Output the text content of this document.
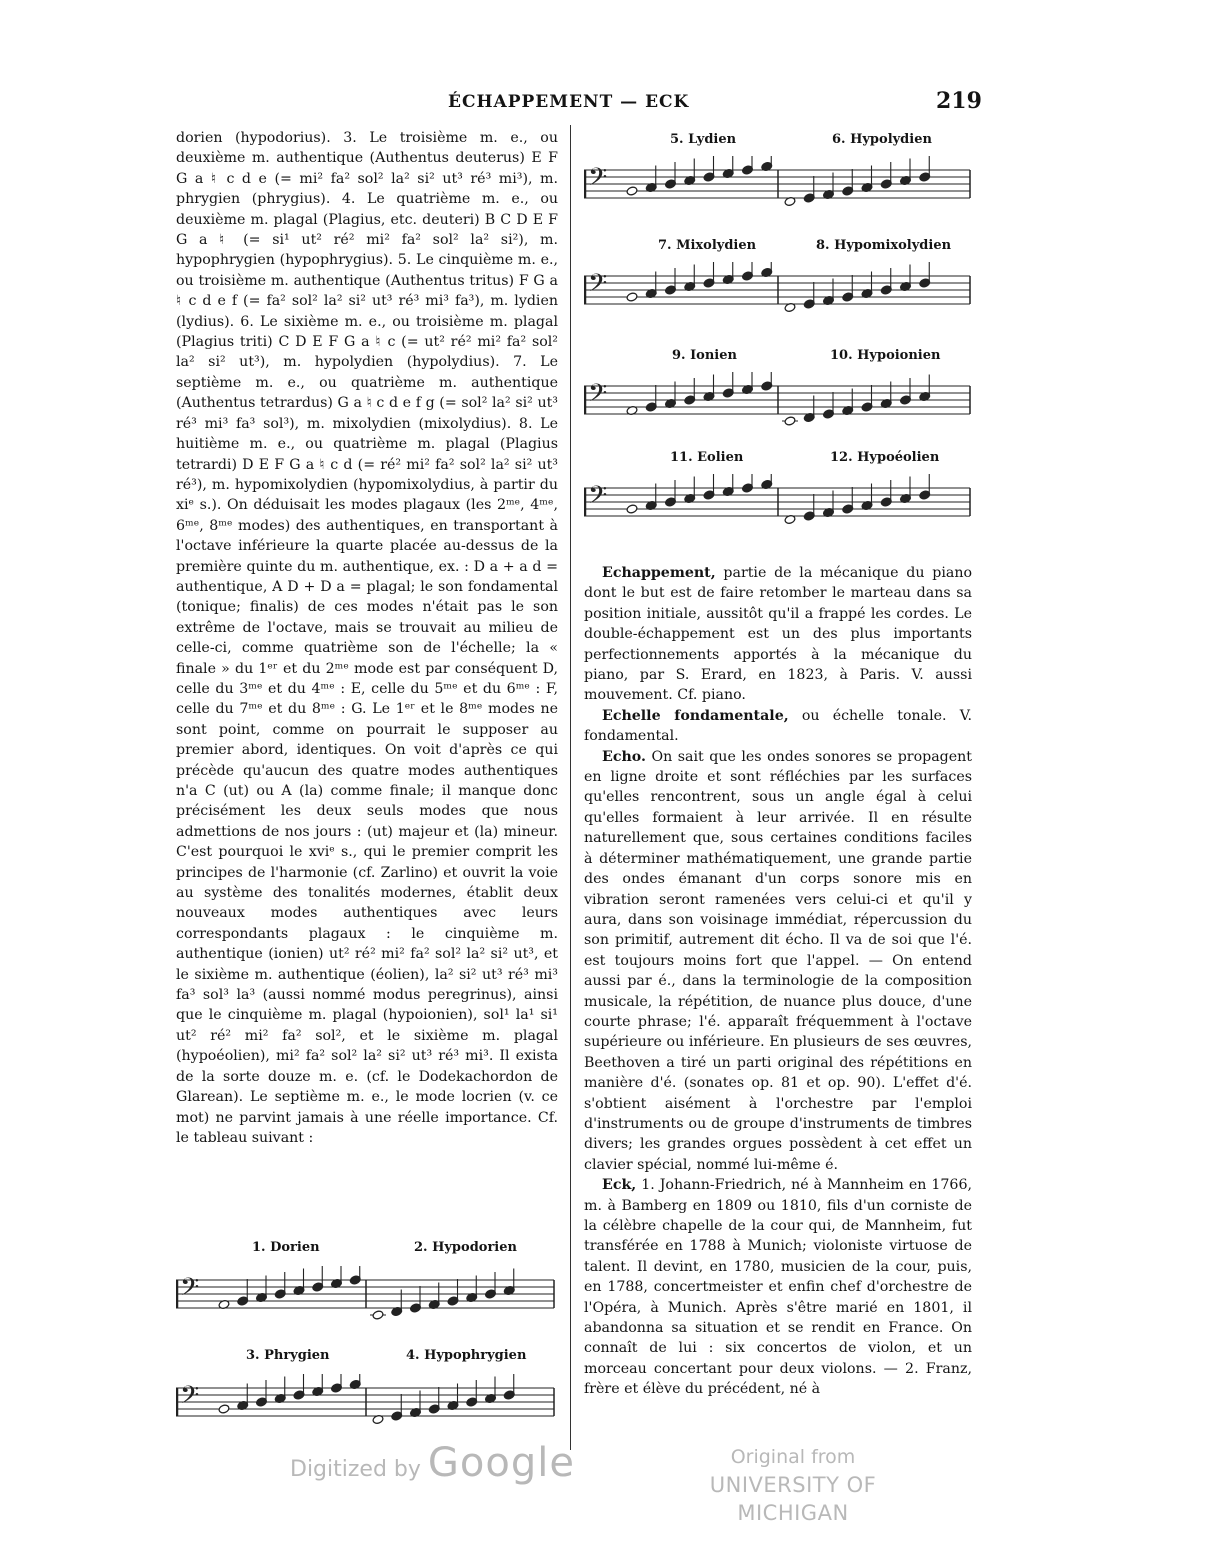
ÉCHAPPEMENT — ECK	219

dorien (hypodorius). 3. Le troisième m. e., ou deuxième m. authentique (Authentus deuterus) E F G a ♮ c d e (= mi² fa² sol² la² si² ut³ ré³ mi³), m. phrygien (phrygius). 4. Le quatrième m. e., ou deuxième m. plagal (Plagius, etc. deuteri) B C D E F G a ♮ (= si¹ ut² ré² mi² fa² sol² la² si²), m. hypophrygien (hypophrygius). 5. Le cinquième m. e., ou troisième m. authentique (Authentus tritus) F G a ♮ c d e f (= fa² sol² la² si² ut³ ré³ mi³ fa³), m. lydien (lydius). 6. Le sixième m. e., ou troisième m. plagal (Plagius triti) C D E F G a ♮ c (= ut² ré² mi² fa² sol² la² si² ut³), m. hypolydien (hypolydius). 7. Le septième m. e., ou quatrième m. authentique (Authentus tetrardus) G a ♮ c d e f g (= sol² la² si² ut³ ré³ mi³ fa³ sol³), m. mixolydien (mixolydius). 8. Le huitième m. e., ou quatrième m. plagal (Plagius tetrardi) D E F G a ♮ c d (= ré² mi² fa² sol² la² si² ut³ ré³), m. hypomixolydien (hypomixolydius, à partir du xiᵉ s.). On déduisait les modes plagaux (les 2ᵐᵉ, 4ᵐᵉ, 6ᵐᵉ, 8ᵐᵉ modes) des authentiques, en transportant à l'octave inférieure la quarte placée au-dessus de la première quinte du m. authentique, ex. : D a + a d = authentique, A D + D a = plagal; le son fondamental (tonique; finalis) de ces modes n'était pas le son extrême de l'octave, mais se trouvait au milieu de celle-ci, comme quatrième son de l'échelle; la « finale » du 1ᵉʳ et du 2ᵐᵉ mode est par conséquent D, celle du 3ᵐᵉ et du 4ᵐᵉ : E, celle du 5ᵐᵉ et du 6ᵐᵉ : F, celle du 7ᵐᵉ et du 8ᵐᵉ : G. Le 1ᵉʳ et le 8ᵐᵉ modes ne sont point, comme on pourrait le supposer au premier abord, identiques. On voit d'après ce qui précède qu'aucun des quatre modes authentiques n'a C (ut) ou A (la) comme finale; il manque donc précisément les deux seuls modes que nous admettions de nos jours : (ut) majeur et (la) mineur. C'est pourquoi le xviᵉ s., qui le premier comprit les principes de l'harmonie (cf. Zarlino) et ouvrit la voie au système des tonalités modernes, établit deux nouveaux modes authentiques avec leurs correspondants plagaux : le cinquième m. authentique (ionien) ut² ré² mi² fa² sol² la² si² ut³, et le sixième m. authentique (éolien), la² si² ut³ ré³ mi³ fa³ sol³ la³ (aussi nommé modus peregrinus), ainsi que le cinquième m. plagal (hypoionien), sol¹ la¹ si¹ ut² ré² mi² fa² sol², et le sixième m. plagal (hypoéolien), mi² fa² sol² la² si² ut³ ré³ mi³. Il exista de la sorte douze m. e. (cf. le Dodekachordon de Glarean). Le septième m. e., le mode locrien (v. ce mot) ne parvint jamais à une réelle importance. Cf. le tableau suivant :

1. Dorien	2. Hypodorien
𝄢
3. Phrygien	4. Hypophrygien
𝄢
5. Lydien	6. Hypolydien
𝄢
7. Mixolydien	8. Hypomixolydien
𝄢
9. Ionien	10. Hypoionien
𝄢
11. Eolien	12. Hypoéolien
𝄢

Echappement, partie de la mécanique du piano dont le but est de faire retomber le marteau dans sa position initiale, aussitôt qu'il a frappé les cordes. Le double-échappement est un des plus importants perfectionnements apportés à la mécanique du piano, par S. Erard, en 1823, à Paris. V. aussi mouvement. Cf. piano.

Echelle fondamentale, ou échelle tonale. V. fondamental.

Echo. On sait que les ondes sonores se propagent en ligne droite et sont réfléchies par les surfaces qu'elles rencontrent, sous un angle égal à celui qu'elles formaient à leur arrivée. Il en résulte naturellement que, sous certaines conditions faciles à déterminer mathématiquement, une grande partie des ondes émanant d'un corps sonore mis en vibration seront ramenées vers celui-ci et qu'il y aura, dans son voisinage immédiat, répercussion du son primitif, autrement dit écho. Il va de soi que l'é. est toujours moins fort que l'appel. — On entend aussi par é., dans la terminologie de la composition musicale, la répétition, de nuance plus douce, d'une courte phrase; l'é. apparaît fréquemment à l'octave supérieure ou inférieure. En plusieurs de ses œuvres, Beethoven a tiré un parti original des répétitions en manière d'é. (sonates op. 81 et op. 90). L'effet d'é. s'obtient aisément à l'orchestre par l'emploi d'instruments ou de groupe d'instruments de timbres divers; les grandes orgues possèdent à cet effet un clavier spécial, nommé lui-même é.

Eck, 1. Johann-Friedrich, né à Mannheim en 1766, m. à Bamberg en 1809 ou 1810, fils d'un corniste de la célèbre chapelle de la cour qui, de Mannheim, fut transférée en 1788 à Munich; violoniste virtuose de talent. Il devint, en 1780, musicien de la cour, puis, en 1788, concertmeister et enfin chef d'orchestre de l'Opéra, à Munich. Après s'être marié en 1801, il abandonna sa situation et se rendit en France. On connaît de lui : six concertos de violon, et un morceau concertant pour deux violons. — 2. Franz, frère et élève du précédent, né à

Digitized by Google	Original from
UNIVERSITY OF MICHIGAN
